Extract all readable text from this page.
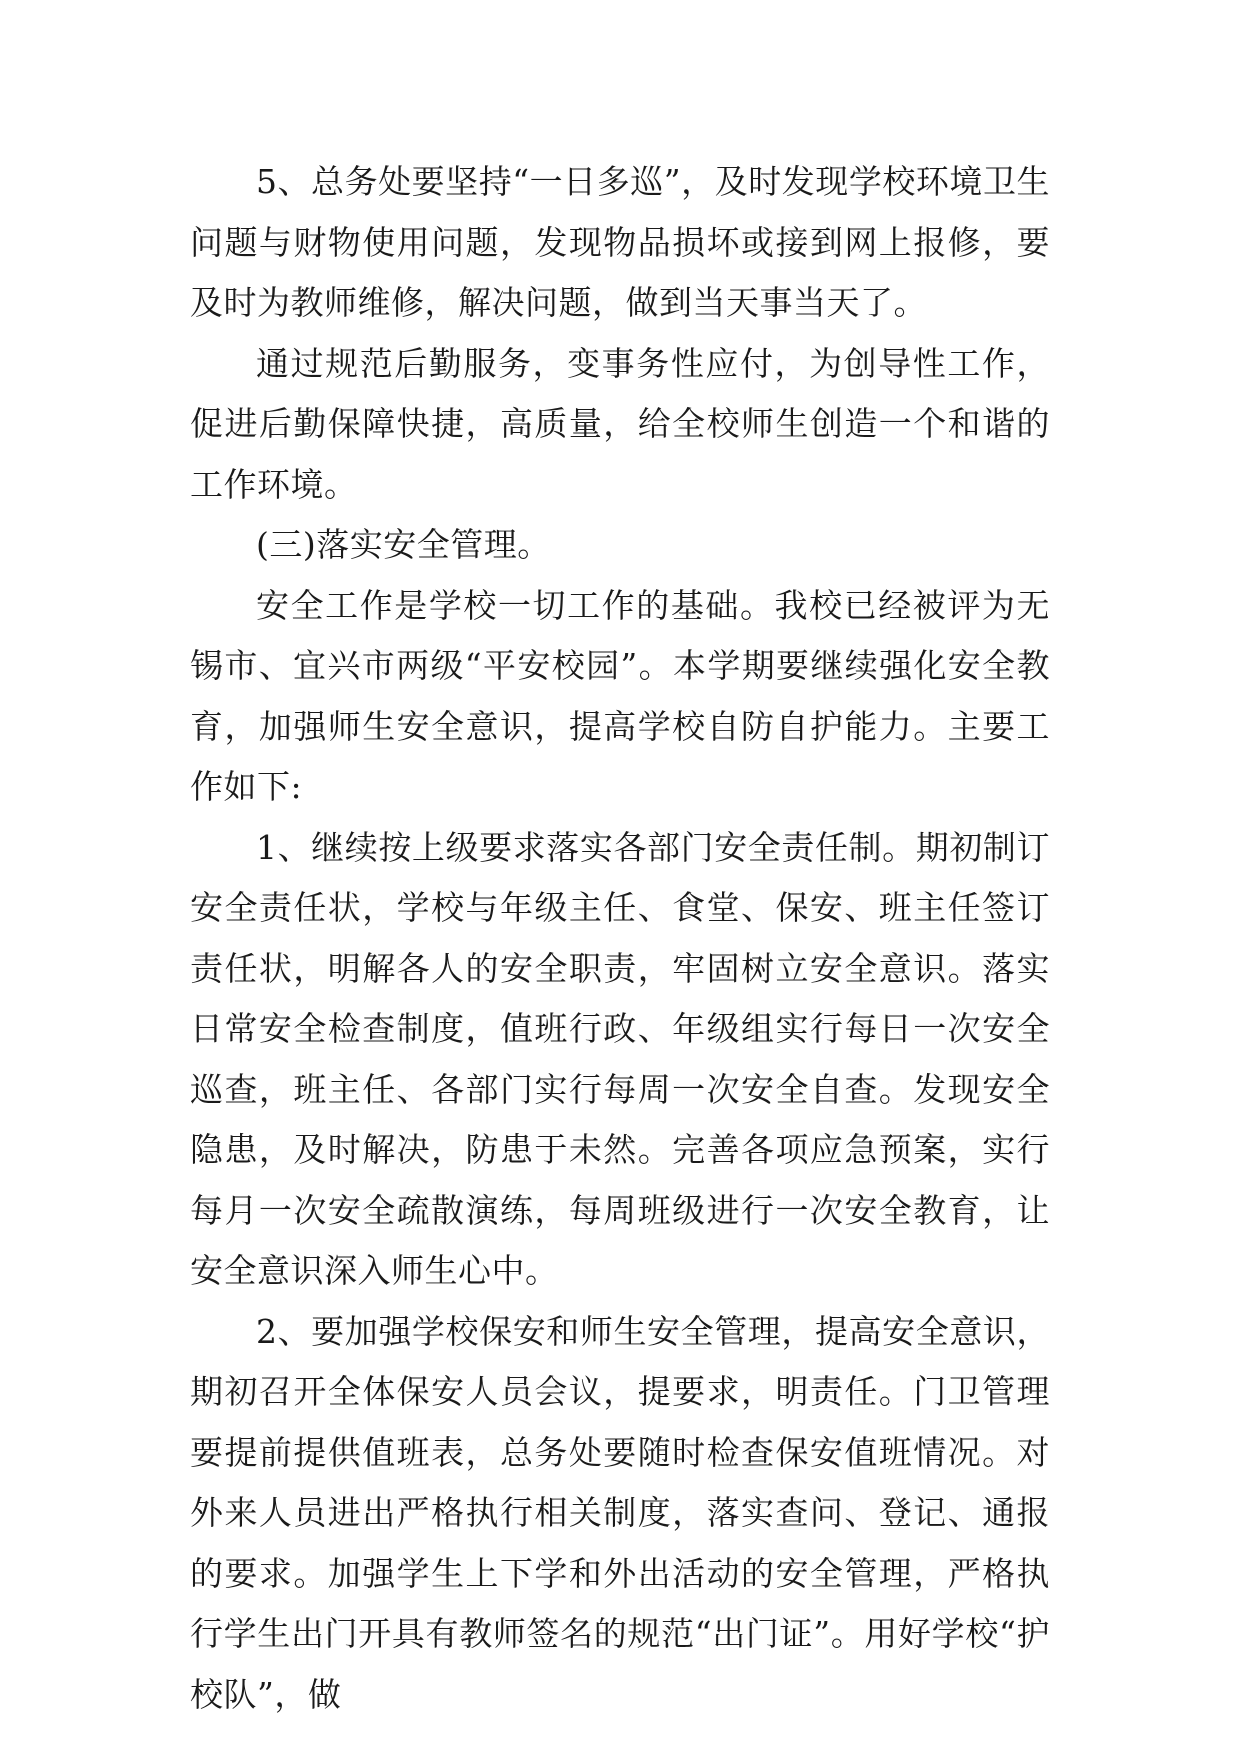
5、总务处要坚持“一日多巡”，及时发现学校环境卫生问题与财物使用问题，发现物品损坏或接到网上报修，要及时为教师维修，解决问题，做到当天事当天了。

通过规范后勤服务，变事务性应付，为创导性工作，促进后勤保障快捷，高质量，给全校师生创造一个和谐的工作环境。

(三)落实安全管理。

安全工作是学校一切工作的基础。我校已经被评为无锡市、宜兴市两级“平安校园”。本学期要继续强化安全教育，加强师生安全意识，提高学校自防自护能力。主要工作如下:

1、继续按上级要求落实各部门安全责任制。期初制订安全责任状，学校与年级主任、食堂、保安、班主任签订责任状，明解各人的安全职责，牢固树立安全意识。落实日常安全检查制度，值班行政、年级组实行每日一次安全巡查，班主任、各部门实行每周一次安全自查。发现安全隐患，及时解决，防患于未然。完善各项应急预案，实行每月一次安全疏散演练，每周班级进行一次安全教育，让安全意识深入师生心中。

2、要加强学校保安和师生安全管理，提高安全意识，期初召开全体保安人员会议，提要求，明责任。门卫管理要提前提供值班表，总务处要随时检查保安值班情况。对外来人员进出严格执行相关制度，落实查问、登记、通报的要求。加强学生上下学和外出活动的安全管理，严格执行学生出门开具有教师签名的规范“出门证”。用好学校“护校队”，做
